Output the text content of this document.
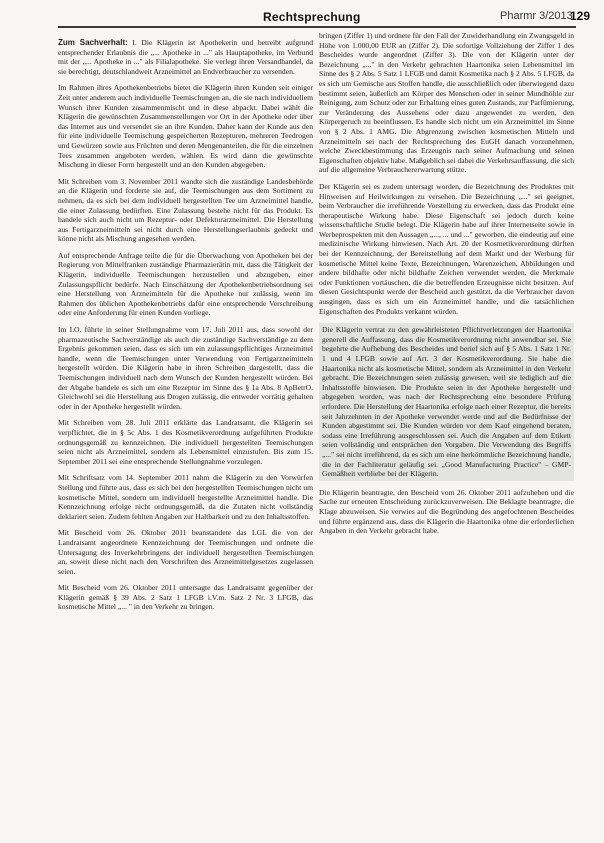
Rechtsprechung	Pharmr 3/2013
129

Zum Sachverhalt: I. Die Klägerin ist Apothekerin und betreibt aufgrund entsprechender Erlaubnis die „... Apotheke in ..." als Hauptapotheke, im Verbund mit der „... Apotheke in ..." als Filialapotheke. Sie verlegt ihren Versandhandel, da sie berechtigt, deutschlandweit Arzneimittel an Endverbraucher zu versenden.

Im Rahmen ihres Apothekenbetriebs bietet die Klägerin ihren Kunden seit einiger Zeit unter anderem auch individuelle Teemischungen an, die sie nach individuellem Wunsch ihrer Kunden zusammenmischt und in diese abpackt. Dabei wählt die Klägerin die gewünschten Zusammenstellungen vor Ort in der Apotheke oder über das Internet aus und versendet sie an ihre Kunden. Daher kann der Kunde aus den für eine individuelle Teemischung gespeicherten Rezepturen, mehreren Teedrogen und Gewürzen sowie aus Früchten und deren Mengenanteilen, die für die einzelnen Tees zusammen angeboten werden, wählen. Es wird dann die gewünschte Mischung in dieser Form hergestellt und an den Kunden abgegeben.

Mit Schreiben vom 3. November 2011 wandte sich die zuständige Landesbehörde an die Klägerin und forderte sie auf, die Teemischungen aus dem Sortiment zu nehmen, da es sich bei dem individuell hergestellten Tee um Arzneimittel handle, die einer Zulassung bedürften. Eine Zulassung bestehe nicht für das Produkt. Es handele sich auch nicht um Rezeptur- oder Defekturarzneimittel. Die Herstellung aus Fertigarzneimitteln sei nicht durch eine Herstellungserlaubnis gedeckt und könne nicht als Mischung angesehen werden.

Auf entsprechende Anfrage teilte die für die Überwachung von Apotheken bei der Regierung von Mittelfranken zuständige Pharmazierätin mit, dass die Tätigkeit der Klägerin, individuelle Teemischungen herzustellen und abzugeben, einer Zulassungspflicht bedürfe. Nach Einschätzung der Apothekenbetriebsordnung sei eine Herstellung von Arzneimitteln für die Apotheke nur zulässig, wenn im Rahmen des üblichen Apothekenbetriebs dafür eine entsprechende Verschreibung oder eine Anforderung für einen Kunden vorliege.

Im I.O. führte in seiner Stellungnahme vom 17. Juli 2011 aus, dass sowohl der pharmazeutische Sachverständige als auch die zuständige Sachverständige zu dem Ergebnis gekommen seien, dass es sich um ein zulassungspflichtiges Arzneimittel handle, wenn die Teemischungen unter Verwendung von Fertigarzneimitteln hergestellt würden. Die Klägerin habe in ihren Schreiben dargestellt, dass die Teemischungen individuell nach dem Wunsch der Kunden hergestellt würden. Bei der Abgabe handele es sich um eine Rezeptur im Sinne des § 1a Abs. 8 ApBetrO. Gleichwohl sei die Herstellung aus Drogen zulässig, die entweder vorrätig gehalten oder in der Apotheke hergestellt würden.

Mit Schreiben vom 28. Juli 2011 erklärte das Landratsamt, die Klägerin sei verpflichtet, die in § 5c Abs. 1 des Kosmetikverordnung aufgeführten Produkte ordnungsgemäß zu kennzeichnen. Die individuell hergestellten Teemischungen seien nicht als Arzneimittel, sondern als Lebensmittel einzustufen. Bis zum 15. September 2011 sei eine entsprechende Stellungnahme vorzulegen.

Mit Schriftsatz vom 14. September 2011 nahm die Klägerin zu den Vorwürfen Stellung und führte aus, dass es sich bei den hergestellten Teemischungen nicht um kosmetische Mittel, sondern um individuell hergestellte Arzneimittel handle. Die Kennzeichnung erfolge nicht ordnungsgemäß, da die Zutaten nicht vollständig deklariert seien. Zudem fehlten Angaben zur Haltbarkeit und zu den Inhaltsstoffen.

Mit Bescheid vom 26. Oktober 2011 beanstandete das LGL die von der Landratsamt angeordnete Kennzeichnung der Teemischungen und ordnete die Untersagung des Inverkehrbringens der individuell hergestellten Teemischungen an, soweit diese nicht nach den Vorschriften des Arzneimittelgesetzes zugelassen seien.

Mit Bescheid vom 26. Oktober 2011 untersagte das Landratsamt gegenüber der Klägerin gemäß § 39 Abs. 2 Satz 1 LFGB i.V.m. Satz 2 Nr. 3 LFGB, das kosmetische Mittel „... " in den Verkehr zu bringen.

bringen (Ziffer 1) und ordnete für den Fall der Zuwiderhandlung ein Zwangsgeld in Höhe von 1.000,00 EUR an (Ziffer 2). Die sofortige Vollziehung der Ziffer 1 des Bescheides wurde angeordnet (Ziffer 3). Die von der Klägerin unter der Bezeichnung „..." in den Verkehr gebrachten Haartonika seien Lebensmittel im Sinne des § 2 Abs. 5 Satz 1 LFGB und damit Kosmetika nach § 2 Abs. 5 LFGB, da es sich um Gemische aus Stoffen handle, die ausschließlich oder überwiegend dazu bestimmt seien, äußerlich am Körper des Menschen oder in seiner Mundhöhle zur Reinigung, zum Schutz oder zur Erhaltung eines guten Zustands, zur Parfümierung, zur Veränderung des Aussehens oder dazu angewendet zu werden, den Körpergeruch zu beeinflussen. Es handle sich nicht um ein Arzneimittel im Sinne von § 2 Abs. 1 AMG. Die Abgrenzung zwischen kosmetischen Mitteln und Arzneimitteln sei nach der Rechtsprechung des EuGH danach vorzunehmen, welche Zweckbestimmung das Erzeugnis nach seiner Aufmachung und seinen Eigenschaften objektiv habe. Maßgeblich sei dabei die Verkehrsauffassung, die sich auf die allgemeine Verbrauchererwartung stütze.

Der Klägerin sei es zudem untersagt worden, die Bezeichnung des Produktes mit Hinweisen auf Heilwirkungen zu versehen. Die Bezeichnung „..." sei geeignet, beim Verbraucher die irreführende Vorstellung zu erwecken, dass das Produkt eine therapeutische Wirkung habe. Diese Eigenschaft sei jedoch durch keine wissenschaftliche Studie belegt. Die Klägerin habe auf ihrer Internetseite sowie in Werbeprospekten mit den Aussagen „..., ... und ..." geworben, die eindeutig auf eine medizinische Wirkung hinwiesen. Nach Art. 20 der Kosmetikverordnung dürften bei der Kennzeichnung, der Bereitstellung auf dem Markt und der Werbung für kosmetische Mittel keine Texte, Bezeichnungen, Warenzeichen, Abbildungen und andere bildhafte oder nicht bildhafte Zeichen verwendet werden, die Merkmale oder Funktionen vortäuschen, die die betreffenden Erzeugnisse nicht besitzen. Auf diesen Gesichtspunkt werde der Bescheid auch gestützt, da die Verbraucher davon ausgingen, dass es sich um ein Arzneimittel handle, und die tatsächlichen Eigenschaften des Produkts verkannt würden.

Die Klägerin vertrat zu den gewährleisteten Pflichtverletzungen der Haartonika generell die Auffassung, dass die Kosmetikverordnung nicht anwendbar sei. Sie begehrte die Aufhebung des Bescheides und berief sich auf § 5 Abs. 1 Satz 1 Nr. 1 und 4 LFGB sowie auf Art. 3 der Kosmetikverordnung. Sie habe die Haartonika nicht als kosmetische Mittel, sondern als Arzneimittel in den Verkehr gebracht. Die Bezeichnungen seien zulässig gewesen, weil sie lediglich auf die Inhaltsstoffe hinwiesen. Die Produkte seien in der Apotheke hergestellt und abgegeben worden, was nach der Rechtsprechung eine besondere Prüfung erfordere. Die Herstellung der Haartonika erfolge nach einer Rezeptur, die bereits seit Jahrzehnten in der Apotheke verwendet werde und auf die Bedürfnisse der Kunden abgestimmt sei. Die Kunden würden vor dem Kauf eingehend beraten, sodass eine Irreführung ausgeschlossen sei. Auch die Angaben auf dem Etikett seien vollständig und entsprächen den Vorgaben. Die Verwendung des Begriffs „..." sei nicht irreführend, da es sich um eine herkömmliche Bezeichnung handle, die in der Fachliteratur geläufig sei. „Good Manufacturing Practice" – GMP-Gemäßheit verbliebe bei der Klägerin.

Die Klägerin beantragte, den Bescheid vom 26. Oktober 2011 aufzuheben und die Sache zur erneuten Entscheidung zurückzuverweisen. Die Beklagte beantragte, die Klage abzuweisen. Sie verwies auf die Begründung des angefochtenen Bescheides und führte ergänzend aus, dass die Klägerin die Haartonika ohne die erforderlichen Angaben in den Verkehr gebracht habe.
